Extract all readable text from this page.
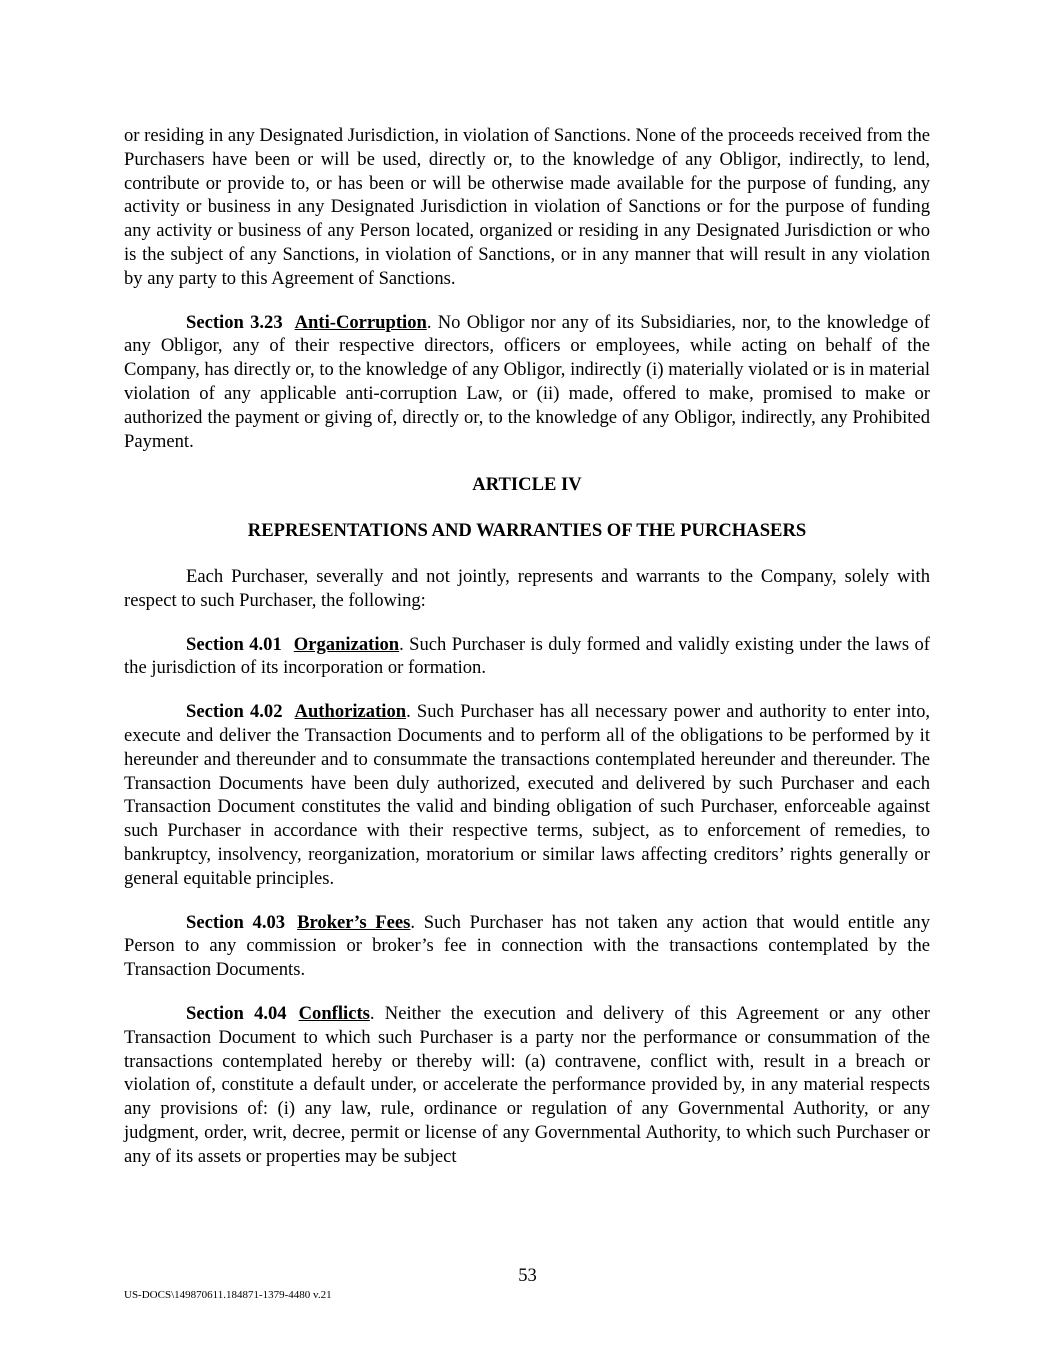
or residing in any Designated Jurisdiction, in violation of Sanctions. None of the proceeds received from the Purchasers have been or will be used, directly or, to the knowledge of any Obligor, indirectly, to lend, contribute or provide to, or has been or will be otherwise made available for the purpose of funding, any activity or business in any Designated Jurisdiction in violation of Sanctions or for the purpose of funding any activity or business of any Person located, organized or residing in any Designated Jurisdiction or who is the subject of any Sanctions, in violation of Sanctions, or in any manner that will result in any violation by any party to this Agreement of Sanctions.

Section 3.23 Anti-Corruption. No Obligor nor any of its Subsidiaries, nor, to the knowledge of any Obligor, any of their respective directors, officers or employees, while acting on behalf of the Company, has directly or, to the knowledge of any Obligor, indirectly (i) materially violated or is in material violation of any applicable anti-corruption Law, or (ii) made, offered to make, promised to make or authorized the payment or giving of, directly or, to the knowledge of any Obligor, indirectly, any Prohibited Payment.

ARTICLE IV
REPRESENTATIONS AND WARRANTIES OF THE PURCHASERS

Each Purchaser, severally and not jointly, represents and warrants to the Company, solely with respect to such Purchaser, the following:

Section 4.01 Organization. Such Purchaser is duly formed and validly existing under the laws of the jurisdiction of its incorporation or formation.

Section 4.02 Authorization. Such Purchaser has all necessary power and authority to enter into, execute and deliver the Transaction Documents and to perform all of the obligations to be performed by it hereunder and thereunder and to consummate the transactions contemplated hereunder and thereunder. The Transaction Documents have been duly authorized, executed and delivered by such Purchaser and each Transaction Document constitutes the valid and binding obligation of such Purchaser, enforceable against such Purchaser in accordance with their respective terms, subject, as to enforcement of remedies, to bankruptcy, insolvency, reorganization, moratorium or similar laws affecting creditors’ rights generally or general equitable principles.

Section 4.03 Broker’s Fees. Such Purchaser has not taken any action that would entitle any Person to any commission or broker’s fee in connection with the transactions contemplated by the Transaction Documents.

Section 4.04 Conflicts. Neither the execution and delivery of this Agreement or any other Transaction Document to which such Purchaser is a party nor the performance or consummation of the transactions contemplated hereby or thereby will: (a) contravene, conflict with, result in a breach or violation of, constitute a default under, or accelerate the performance provided by, in any material respects any provisions of: (i) any law, rule, ordinance or regulation of any Governmental Authority, or any judgment, order, writ, decree, permit or license of any Governmental Authority, to which such Purchaser or any of its assets or properties may be subject

53
US-DOCS\149870611.184871-1379-4480 v.21
